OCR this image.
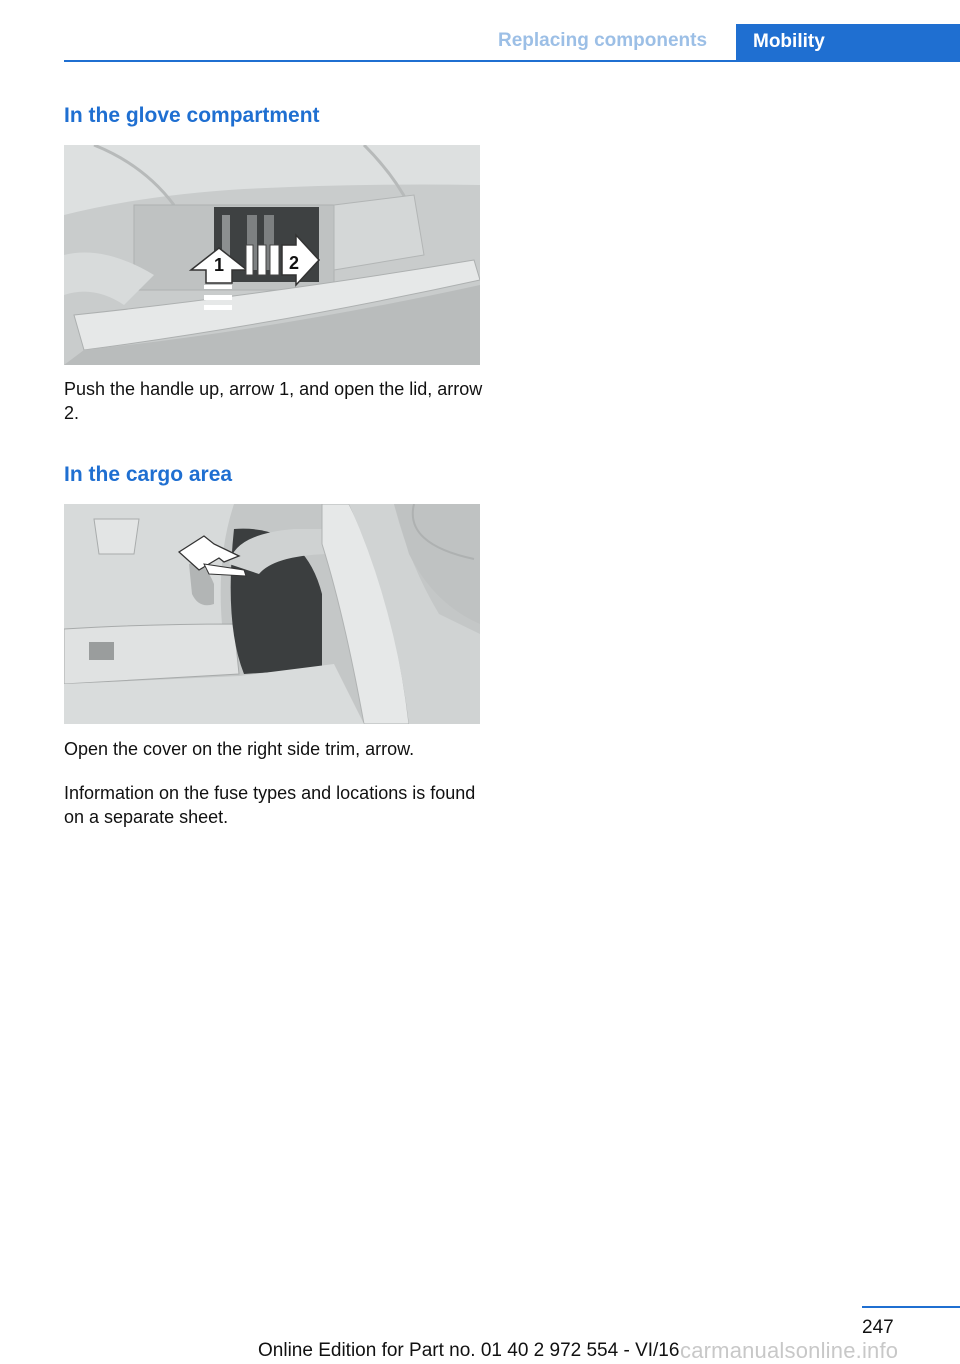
Replacing components Mobility
In the glove compartment
1	2

Push the handle up, arrow 1, and open the lid, arrow 2.

In the cargo area

Open the cover on the right side trim, arrow.

Information on the fuse types and locations is found on a separate sheet.

247
Online Edition for Part no. 01 40 2 972 554 - VI/16 carmanualsonline.info
